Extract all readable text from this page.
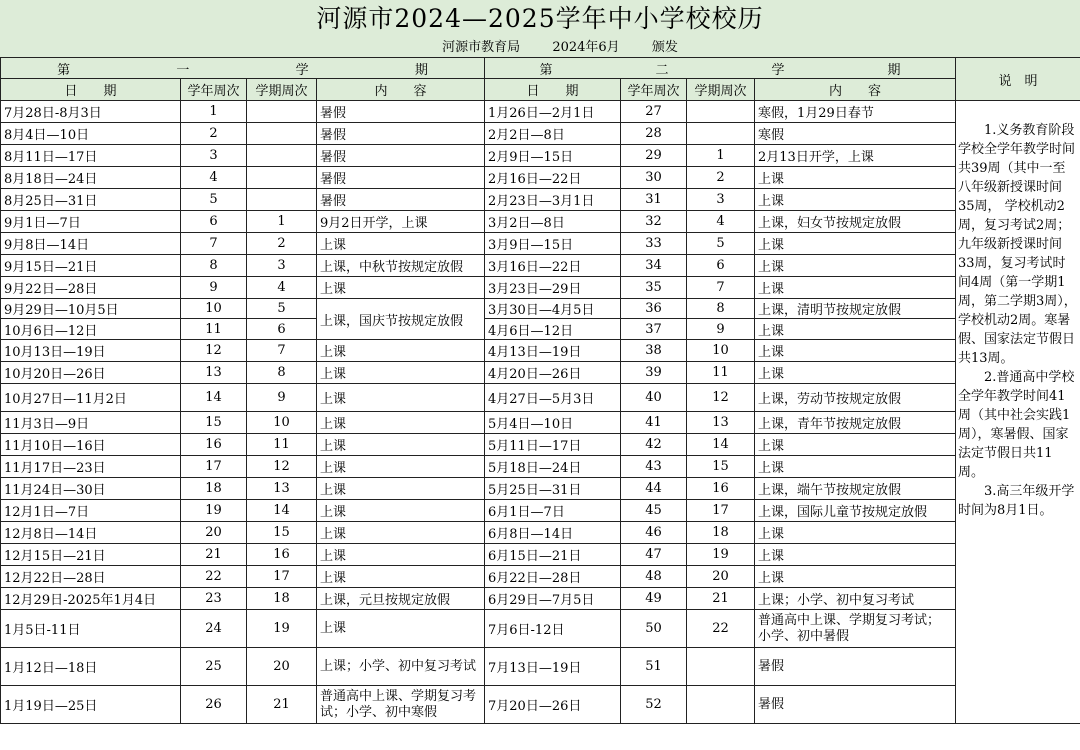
河源市2024—2025学年中小学校校历
河源市教育局 2024年6月 颁发
第 一 学 期				第 二 学 期				说　明
日　　期	学年周次	学期周次	内　　容	日　　期	学年周次	学期周次	内　　容	
7月28日-8月3日	1		暑假	1月26日—2月1日	27		寒假，1月29日春节	1.义务教育阶段学校全学年教学时间共39周（其中一至八年级新授课时间35周， 学校机动2周，复习考试2周；九年级新授课时间33周，复习考试时间4周（第一学期1周，第二学期3周），学校机动2周。寒暑假、国家法定节假日共13周。

2.普通高中学校全学年教学时间41周（其中社会实践1周），寒暑假、国家法定节假日共11周。

3.高三年级开学时间为8月1日。

8月4日—10日	2		暑假	2月2日—8日	28		寒假	
8月11日—17日	3		暑假	2月9日—15日	29	1	2月13日开学，上课	
8月18日—24日	4		暑假	2月16日—22日	30	2	上课	
8月25日—31日	5		暑假	2月23日—3月1日	31	3	上课	
9月1日—7日	6	1	9月2日开学，上课	3月2日—8日	32	4	上课，妇女节按规定放假	
9月8日—14日	7	2	上课	3月9日—15日	33	5	上课	
9月15日—21日	8	3	上课，中秋节按规定放假	3月16日—22日	34	6	上课	
9月22日—28日	9	4	上课	3月23日—29日	35	7	上课	
9月29日—10月5日	10	5	上课，国庆节按规定放假	3月30日—4月5日	36	8	上课，清明节按规定放假	
10月6日—12日	11	6		4月6日—12日	37	9	上课	
10月13日—19日	12	7	上课	4月13日—19日	38	10	上课	
10月20日—26日	13	8	上课	4月20日—26日	39	11	上课	
10月27日—11月2日	14	9	上课	4月27日—5月3日	40	12	上课，劳动节按规定放假	
11月3日—9日	15	10	上课	5月4日—10日	41	13	上课，青年节按规定放假	
11月10日—16日	16	11	上课	5月11日—17日	42	14	上课	
11月17日—23日	17	12	上课	5月18日—24日	43	15	上课	
11月24日—30日	18	13	上课	5月25日—31日	44	16	上课，端午节按规定放假	
12月1日—7日	19	14	上课	6月1日—7日	45	17	上课，国际儿童节按规定放假	
12月8日—14日	20	15	上课	6月8日—14日	46	18	上课	
12月15日—21日	21	16	上课	6月15日—21日	47	19	上课	
12月22日—28日	22	17	上课	6月22日—28日	48	20	上课	
12月29日-2025年1月4日	23	18	上课，元旦按规定放假	6月29日—7月5日	49	21	上课；小学、初中复习考试	
1月5日-11日	24	19	上课	7月6日-12日	50	22	普通高中上课、学期复习考试；小学、初中暑假	
1月12日—18日	25	20	上课；小学、初中复习考试	7月13日—19日	51		暑假	
1月19日—25日	26	21	普通高中上课、学期复习考试；小学、初中寒假	7月20日—26日	52		暑假	
